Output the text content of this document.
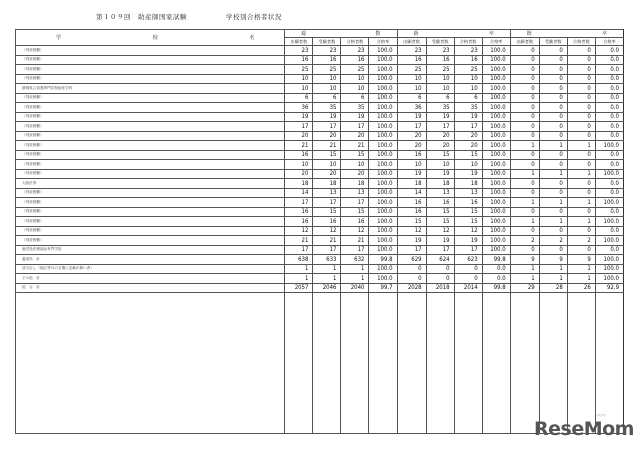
第１０９回 助産師国家試験	学校別合格者状況
学 校 名	総 数				新 卒				既 卒			

	出願者数	受験者数	合格者数	合格率	出願者数	受験者数	合格者数	合格率	出願者数	受験者数	合格者数	合格率
（判読困難）	23	23	23	100.0	23	23	23	100.0	0	0	0	0.0
（判読困難）	16	16	16	100.0	16	16	16	100.0	0	0	0	0.0
（判読困難）	25	25	25	100.0	25	25	25	100.0	0	0	0	0.0
（判読困難）	10	10	10	100.0	10	10	10	100.0	0	0	0	0.0
静岡県立看護専門学校助産学科	10	10	10	100.0	10	10	10	100.0	0	0	0	0.0
（判読困難）	6	6	6	100.0	6	6	6	100.0	0	0	0	0.0
（判読困難）	36	35	35	100.0	36	35	35	100.0	0	0	0	0.0
（判読困難）	19	19	19	100.0	19	19	19	100.0	0	0	0	0.0
（判読困難）	17	17	17	100.0	17	17	17	100.0	0	0	0	0.0
（判読困難）	20	20	20	100.0	20	20	20	100.0	0	0	0	0.0
（判読困難）	21	21	21	100.0	20	20	20	100.0	1	1	1	100.0
（判読困難）	16	15	15	100.0	16	15	15	100.0	0	0	0	0.0
（判読困難）	10	10	10	100.0	10	10	10	100.0	0	0	0	0.0
（判読困難）	20	20	20	100.0	19	19	19	100.0	1	1	1	100.0
大阪医専	18	18	18	100.0	18	18	18	100.0	0	0	0	0.0
（判読困難）	14	13	13	100.0	14	13	13	100.0	0	0	0	0.0
（判読困難）	17	17	17	100.0	16	16	16	100.0	1	1	1	100.0
（判読困難）	16	15	15	100.0	16	15	15	100.0	0	0	0	0.0
（判読困難）	16	16	16	100.0	15	15	15	100.0	1	1	1	100.0
（判読困難）	12	12	12	100.0	12	12	12	100.0	0	0	0	0.0
（判読困難）	21	21	21	100.0	19	19	19	100.0	2	2	2	100.0
鹿児島医療福祉専門学校	17	17	17	100.0	17	17	17	100.0	0	0	0	0.0
養成所　計	638	633	632	99.8	629	624	623	99.8	9	9	9	100.0
該当なし（地区等号の名簿に記載が無い者）	1	1	1	100.0	0	0	0	0.0	1	1	1	100.0
その他　計	1	1	1	100.0	0	0	0	0.0	1	1	1	100.0
総　合　計	2057	2046	2040	99.7	2028	2018	2014	99.8	29	28	26	92.9

リセマム
ReseMom
